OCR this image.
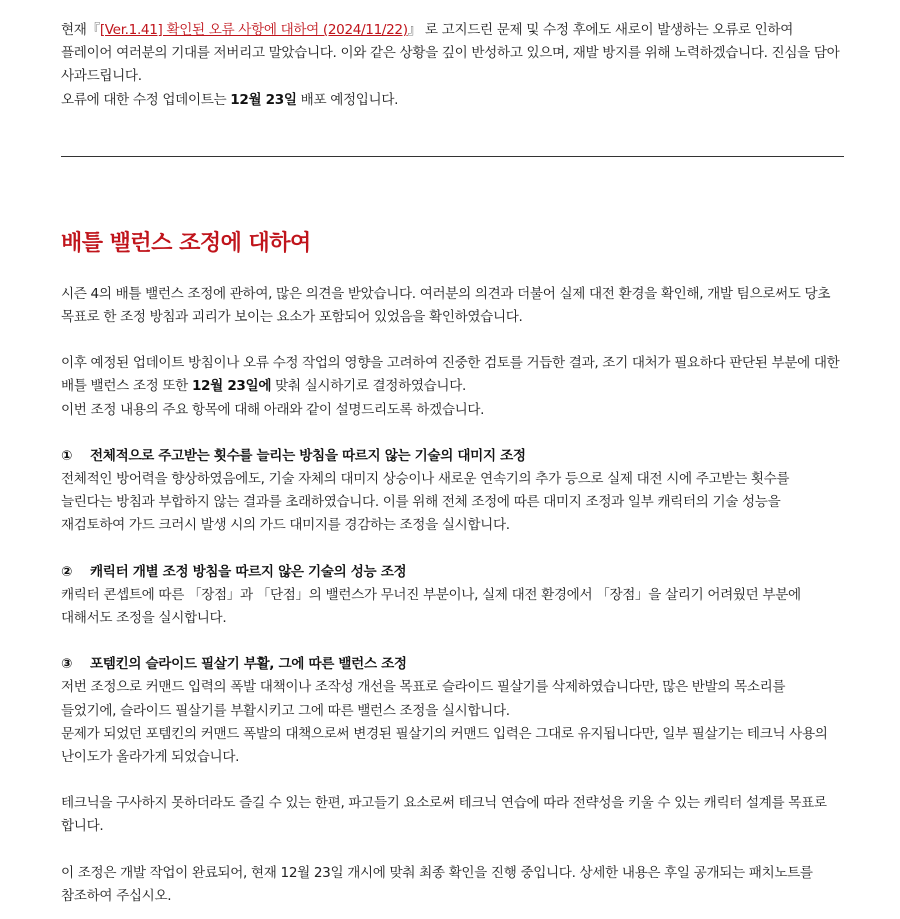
현재『[Ver.1.41] 확인된 오류 사항에 대하여 (2024/11/22)』 로 고지드린 문제 및 수정 후에도 새로이 발생하는 오류로 인하여 플레이어 여러분의 기대를 저버리고 말았습니다. 이와 같은 상황을 깊이 반성하고 있으며, 재발 방지를 위해 노력하겠습니다. 진심을 담아 사과드립니다.

오류에 대한 수정 업데이트는 12월 23일 배포 예정입니다.

배틀 밸런스 조정에 대하여

시즌 4의 배틀 밸런스 조정에 관하여, 많은 의견을 받았습니다. 여러분의 의견과 더불어 실제 대전 환경을 확인해, 개발 팀으로써도 당초 목표로 한 조정 방침과 괴리가 보이는 요소가 포함되어 있었음을 확인하였습니다.

이후 예정된 업데이트 방침이나 오류 수정 작업의 영향을 고려하여 진중한 검토를 거듭한 결과, 조기 대처가 필요하다 판단된 부분에 대한 배틀 밸런스 조정 또한 12월 23일에 맞춰 실시하기로 결정하였습니다.

이번 조정 내용의 주요 항목에 대해 아래와 같이 설명드리도록 하겠습니다.

① 전체적으로 주고받는 횟수를 늘리는 방침을 따르지 않는 기술의 대미지 조정

전체적인 방어력을 향상하였음에도, 기술 자체의 대미지 상승이나 새로운 연속기의 추가 등으로 실제 대전 시에 주고받는 횟수를 늘린다는 방침과 부합하지 않는 결과를 초래하였습니다. 이를 위해 전체 조정에 따른 대미지 조정과 일부 캐릭터의 기술 성능을 재검토하여 가드 크러시 발생 시의 가드 대미지를 경감하는 조정을 실시합니다.

② 캐릭터 개별 조정 방침을 따르지 않은 기술의 성능 조정

캐릭터 콘셉트에 따른 「장점」과 「단점」의 밸런스가 무너진 부분이나, 실제 대전 환경에서 「장점」을 살리기 어려웠던 부분에 대해서도 조정을 실시합니다.

③ 포템킨의 슬라이드 필살기 부활, 그에 따른 밸런스 조정

저번 조정으로 커맨드 입력의 폭발 대책이나 조작성 개선을 목표로 슬라이드 필살기를 삭제하였습니다만, 많은 반발의 목소리를 들었기에, 슬라이드 필살기를 부활시키고 그에 따른 밸런스 조정을 실시합니다.

문제가 되었던 포템킨의 커맨드 폭발의 대책으로써 변경된 필살기의 커맨드 입력은 그대로 유지됩니다만, 일부 필살기는 테크닉 사용의 난이도가 올라가게 되었습니다.

테크닉을 구사하지 못하더라도 즐길 수 있는 한편, 파고들기 요소로써 테크닉 연습에 따라 전략성을 키울 수 있는 캐릭터 설계를 목표로 합니다.

이 조정은 개발 작업이 완료되어, 현재 12월 23일 개시에 맞춰 최종 확인을 진행 중입니다. 상세한 내용은 후일 공개되는 패치노트를 참조하여 주십시오.
